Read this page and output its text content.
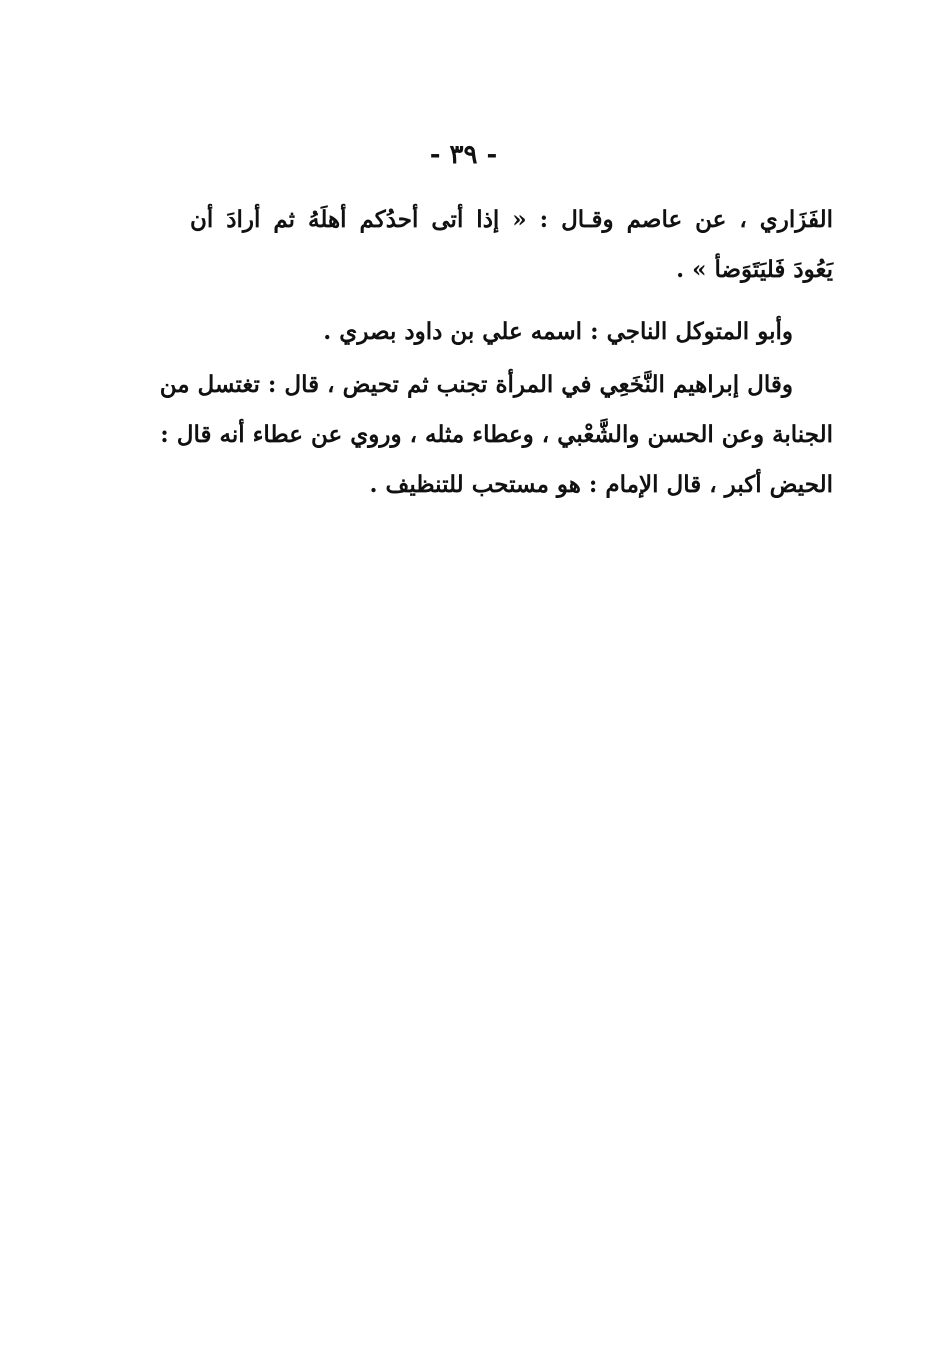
- ٣٩ -
الفَزَاري ، عن عاصم وقـال : « إذا أتى أحدُكم أهلَهُ ثم أرادَ أن
يَعُودَ فَليَتَوَضأ » .
وأبو المتوكل الناجي : اسمه علي بن داود بصري .
وقال إبراهيم النَّخَعِي في المرأة تجنب ثم تحيض ، قال : تغتسل من
الجنابة وعن الحسن والشَّعْبي ، وعطاء مثله ، وروي عن عطاء أنه قال :
الحيض أكبر ، قال الإمام : هو مستحب للتنظيف .
